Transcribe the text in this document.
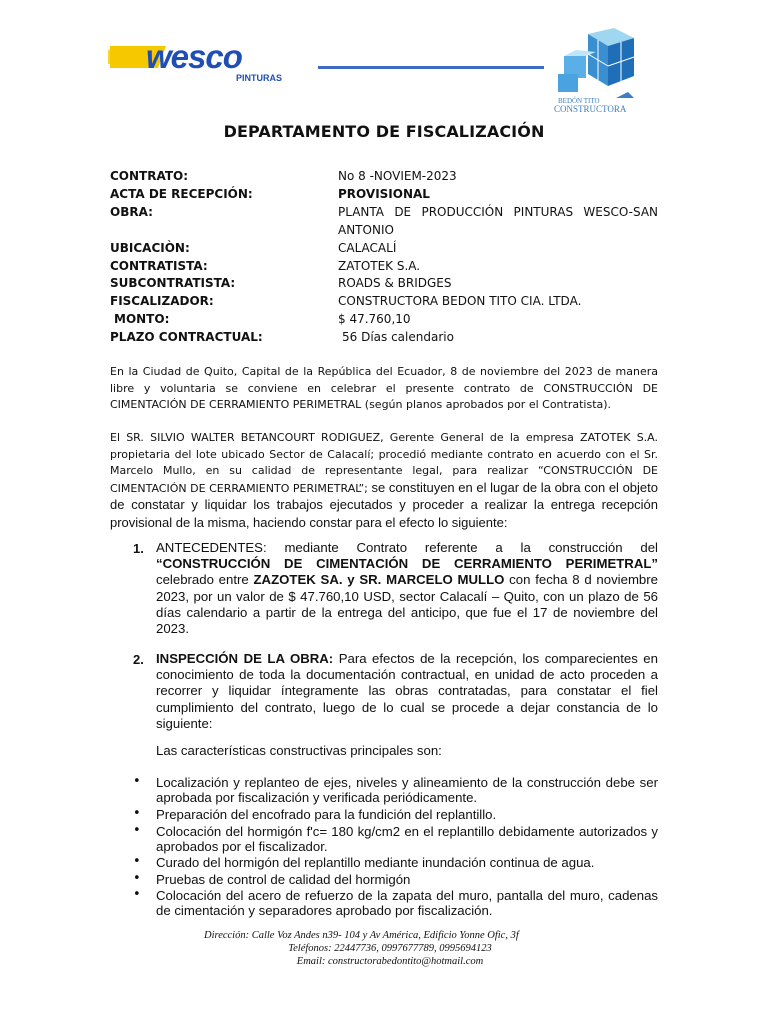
wesco
PINTURAS
BEDÓN TITO
CONSTRUCTORA
DEPARTAMENTO DE FISCALIZACIÓN
CONTRATO:	No 8 -NOVIEM-2023
ACTA DE RECEPCIÓN:	PROVISIONAL
OBRA:	PLANTA DE PRODUCCIÓN PINTURAS WESCO-SAN ANTONIO
UBICACIÒN:	CALACALÍ
CONTRATISTA:	ZATOTEK S.A.
SUBCONTRATISTA:	ROADS & BRIDGES
FISCALIZADOR:	CONSTRUCTORA BEDON TITO CIA. LTDA.
MONTO:	$ 47.760,10
PLAZO CONTRACTUAL:	56 Días calendario
En la Ciudad de Quito, Capital de la República del Ecuador, 8 de noviembre del 2023 de manera libre y voluntaria se conviene en celebrar el presente contrato de CONSTRUCCIÓN DE CIMENTACIÓN DE CERRAMIENTO PERIMETRAL (según planos aprobados por el Contratista).
El SR. SILVIO WALTER BETANCOURT RODIGUEZ, Gerente General de la empresa ZATOTEK S.A. propietaria del lote ubicado Sector de Calacalí; procedió mediante contrato en acuerdo con el Sr. Marcelo Mullo, en su calidad de representante legal, para realizar “CONSTRUCCIÓN DE CIMENTACIÓN DE CERRAMIENTO PERIMETRAL”; se constituyen en el lugar de la obra con el objeto de constatar y liquidar los trabajos ejecutados y proceder a realizar la entrega recepción provisional de la misma, haciendo constar para el efecto lo siguiente:
1. ANTECEDENTES: mediante Contrato referente a la construcción del “CONSTRUCCIÓN DE CIMENTACIÓN DE CERRAMIENTO PERIMETRAL” celebrado entre ZAZOTEK SA. y SR. MARCELO MULLO con fecha 8 d noviembre 2023, por un valor de $ 47.760,10 USD, sector Calacalí – Quito, con un plazo de 56 días calendario a partir de la entrega del anticipo, que fue el 17 de noviembre del 2023.
2. INSPECCIÓN DE LA OBRA: Para efectos de la recepción, los comparecientes en conocimiento de toda la documentación contractual, en unidad de acto proceden a recorrer y liquidar íntegramente las obras contratadas, para constatar el fiel cumplimiento del contrato, luego de lo cual se procede a dejar constancia de lo siguiente:
Las características constructivas principales son:
• Localización y replanteo de ejes, niveles y alineamiento de la construcción debe ser aprobada por fiscalización y verificada periódicamente.
• Preparación del encofrado para la fundición del replantillo.
• Colocación del hormigón f'c= 180 kg/cm2 en el replantillo debidamente autorizados y aprobados por el fiscalizador.
• Curado del hormigón del replantillo mediante inundación continua de agua.
• Pruebas de control de calidad del hormigón
• Colocación del acero de refuerzo de la zapata del muro, pantalla del muro, cadenas de cimentación y separadores aprobado por fiscalización.
Dirección: Calle Voz Andes n39- 104 y Av América, Edificio Yonne Ofic, 3f
Teléfonos: 22447736, 0997677789, 0995694123
Email: constructorabedontito@hotmail.com
